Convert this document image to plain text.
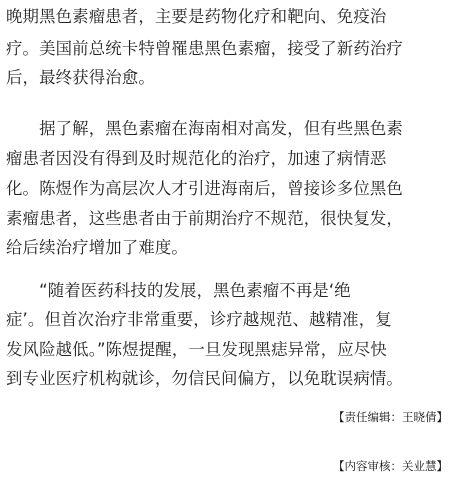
晚期黑色素瘤患者，主要是药物化疗和靶向、免疫治
疗。美国前总统卡特曾罹患黑色素瘤，接受了新药治疗
后，最终获得治愈。
　　据了解，黑色素瘤在海南相对高发，但有些黑色素
瘤患者因没有得到及时规范化的治疗，加速了病情恶
化。陈煜作为高层次人才引进海南后，曾接诊多位黑色
素瘤患者，这些患者由于前期治疗不规范，很快复发，
给后续治疗增加了难度。
　　“随着医药科技的发展，黑色素瘤不再是‘绝
症’。但首次治疗非常重要，诊疗越规范、越精准，复
发风险越低。”陈煜提醒，一旦发现黑痣异常，应尽快
到专业医疗机构就诊，勿信民间偏方，以免耽误病情。
【责任编辑：王晓倩】
【内容审核：关业慧】
